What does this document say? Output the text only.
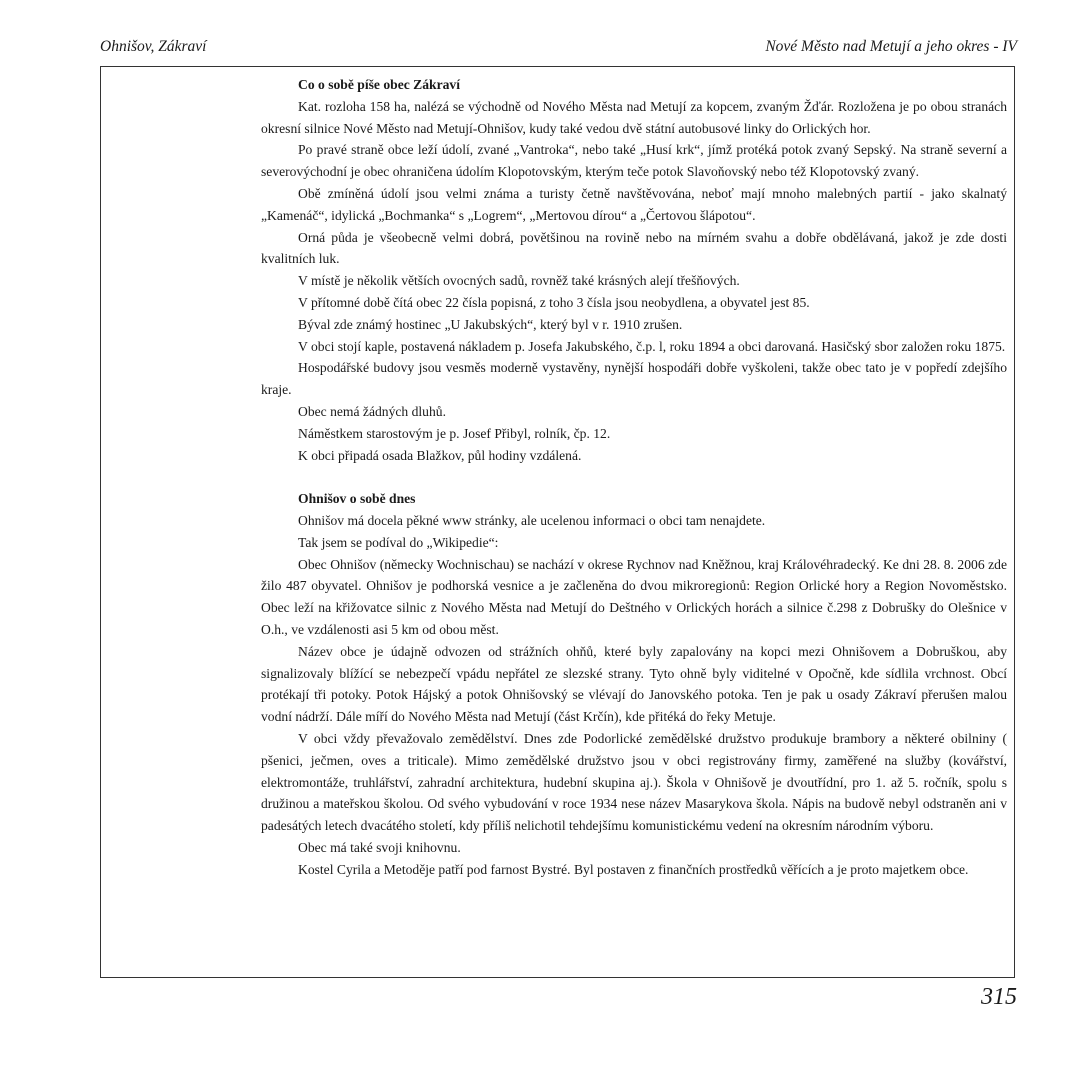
Ohnišov, Zákraví	Nové Město nad Metují a jeho okres - IV

Co o sobě píše obec Zákraví

Kat. rozloha 158 ha, nalézá se východně od Nového Města nad Metují za kopcem, zvaným Žďár. Rozložena je po obou stranách okresní silnice Nové Město nad Metují-Ohnišov, kudy také vedou dvě státní autobusové linky do Orlických hor.

Po pravé straně obce leží údolí, zvané „Vantroka“, nebo také „Husí krk“, jímž protéká potok zvaný Sepský. Na straně severní a severovýchodní je obec ohraničena údolím Klopotovským, kterým teče potok Slavoňovský nebo též Klopotovský zvaný.

Obě zmíněná údolí jsou velmi známa a turisty četně navštěvována, neboť mají mnoho malebných partií - jako skalnatý „Kamenáč“, idylická „Bochmanka“ s „Logrem“, „Mertovou dírou“ a „Čertovou šlápotou“.

Orná půda je všeobecně velmi dobrá, povětšinou na rovině nebo na mírném svahu a dobře obdělávaná, jakož je zde dosti kvalitních luk.

V místě je několik větších ovocných sadů, rovněž také krásných alejí třešňových.

V přítomné době čítá obec 22 čísla popisná, z toho 3 čísla jsou neobydlena, a obyvatel jest 85.

Býval zde známý hostinec „U Jakubských“, který byl v r. 1910 zrušen.

V obci stojí kaple, postavená nákladem p. Josefa Jakubského, č.p. l, roku 1894 a obci darovaná. Hasičský sbor založen roku 1875.

Hospodářské budovy jsou vesměs moderně vystavěny, nynější hospodáři dobře vyškoleni, takže obec tato je v popředí zdejšího kraje.

Obec nemá žádných dluhů.

Náměstkem starostovým je p. Josef Přibyl, rolník, čp. 12.

K obci připadá osada Blažkov, půl hodiny vzdálená.

Ohnišov o sobě dnes

Ohnišov má docela pěkné www stránky, ale ucelenou informaci o obci tam nenajdete.

Tak jsem se podíval do „Wikipedie“:

Obec Ohnišov (německy Wochnischau) se nachází v okrese Rychnov nad Kněžnou, kraj Královéhradecký. Ke dni 28. 8. 2006 zde žilo 487 obyvatel. Ohnišov je podhorská vesnice a je začleněna do dvou mikroregionů: Region Orlické hory a Region Novoměstsko. Obec leží na křižovatce silnic z Nového Města nad Metují do Deštného v Orlických horách a silnice č.298 z Dobrušky do Olešnice v O.h., ve vzdálenosti asi 5 km od obou měst.

Název obce je údajně odvozen od strážních ohňů, které byly zapalovány na kopci mezi Ohnišovem a Dobruškou, aby signalizovaly blížící se nebezpečí vpádu nepřátel ze slezské strany. Tyto ohně byly viditelné v Opočně, kde sídlila vrchnost. Obcí protékají tři potoky. Potok Hájský a potok Ohnišovský se vlévají do Janovského potoka. Ten je pak u osady Zákraví přerušen malou vodní nádrží. Dále míří do Nového Města nad Metují (část Krčín), kde přitéká do řeky Metuje.

V obci vždy převažovalo zemědělství. Dnes zde Podorlické zemědělské družstvo produkuje brambory a některé obilniny ( pšenici, ječmen, oves a triticale). Mimo zemědělské družstvo jsou v obci registrovány firmy, zaměřené na služby (kovářství, elektromontáže, truhlářství, zahradní architektura, hudební skupina aj.). Škola v Ohnišově je dvoutřídní, pro 1. až 5. ročník, spolu s družinou a mateřskou školou. Od svého vybudování v roce 1934 nese název Masarykova škola. Nápis na budově nebyl odstraněn ani v padesátých letech dvacátého století, kdy příliš nelichotil tehdejšímu komunistickému vedení na okresním národním výboru.

Obec má také svoji knihovnu.

Kostel Cyrila a Metoděje patří pod farnost Bystré. Byl postaven z finančních prostředků věřících a je proto majetkem obce.

315
